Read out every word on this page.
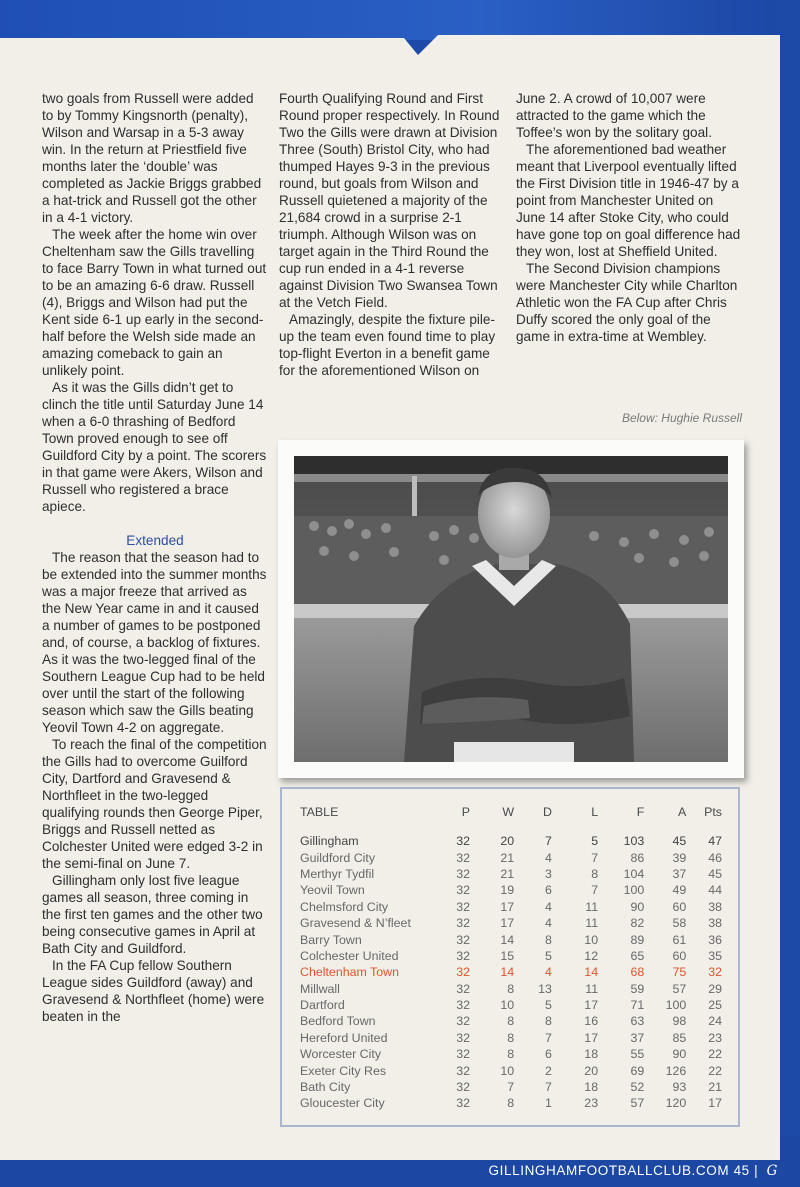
two goals from Russell were added to by Tommy Kingsnorth (penalty), Wilson and Warsap in a 5-3 away win. In the return at Priestfield five months later the ‘double’ was completed as Jackie Briggs grabbed a hat-trick and Russell got the other in a 4-1 victory.

The week after the home win over Cheltenham saw the Gills travelling to face Barry Town in what turned out to be an amazing 6-6 draw. Russell (4), Briggs and Wilson had put the Kent side 6-1 up early in the second-half before the Welsh side made an amazing comeback to gain an unlikely point.

As it was the Gills didn’t get to clinch the title until Saturday June 14 when a 6-0 thrashing of Bedford Town proved enough to see off Guildford City by a point. The scorers in that game were Akers, Wilson and Russell who registered a brace apiece.

Extended

The reason that the season had to be extended into the summer months was a major freeze that arrived as the New Year came in and it caused a number of games to be postponed and, of course, a backlog of fixtures. As it was the two-legged final of the Southern League Cup had to be held over until the start of the following season which saw the Gills beating Yeovil Town 4-2 on aggregate.

To reach the final of the competition the Gills had to overcome Guilford City, Dartford and Gravesend & Northfleet in the two-legged qualifying rounds then George Piper, Briggs and Russell netted as Colchester United were edged 3-2 in the semi-final on June 7.

Gillingham only lost five league games all season, three coming in the first ten games and the other two being consecutive games in April at Bath City and Guildford.

In the FA Cup fellow Southern League sides Guildford (away) and Gravesend & Northfleet (home) were beaten in the

Fourth Qualifying Round and First Round proper respectively. In Round Two the Gills were drawn at Division Three (South) Bristol City, who had thumped Hayes 9-3 in the previous round, but goals from Wilson and Russell quietened a majority of the 21,684 crowd in a surprise 2-1 triumph. Although Wilson was on target again in the Third Round the cup run ended in a 4-1 reverse against Division Two Swansea Town at the Vetch Field.

Amazingly, despite the fixture pile-up the team even found time to play top-flight Everton in a benefit game for the aforementioned Wilson on

June 2. A crowd of 10,007 were attracted to the game which the Toffee’s won by the solitary goal.

The aforementioned bad weather meant that Liverpool eventually lifted the First Division title in 1946-47 by a point from Manchester United on June 14 after Stoke City, who could have gone top on goal difference had they won, lost at Sheffield United.

The Second Division champions were Manchester City while Charlton Athletic won the FA Cup after Chris Duffy scored the only goal of the game in extra-time at Wembley.

Below: Hughie Russell
TABLE	P	W	D	L	F	A	Pts

Gillingham	32	20	7	5	103	45	47
Guildford City	32	21	4	7	86	39	46
Merthyr Tydfil	32	21	3	8	104	37	45
Yeovil Town	32	19	6	7	100	49	44
Chelmsford City	32	17	4	11	90	60	38
Gravesend & N’fleet	32	17	4	11	82	58	38
Barry Town	32	14	8	10	89	61	36
Colchester United	32	15	5	12	65	60	35
Cheltenham Town	32	14	4	14	68	75	32
Millwall	32	8	13	11	59	57	29
Dartford	32	10	5	17	71	100	25
Bedford Town	32	8	8	16	63	98	24
Hereford United	32	8	7	17	37	85	23
Worcester City	32	8	6	18	55	90	22
Exeter City Res	32	10	2	20	69	126	22
Bath City	32	7	7	18	52	93	21
Gloucester City	32	8	1	23	57	120	17
GILLINGHAMFOOTBALLCLUB.COM 45 | G
